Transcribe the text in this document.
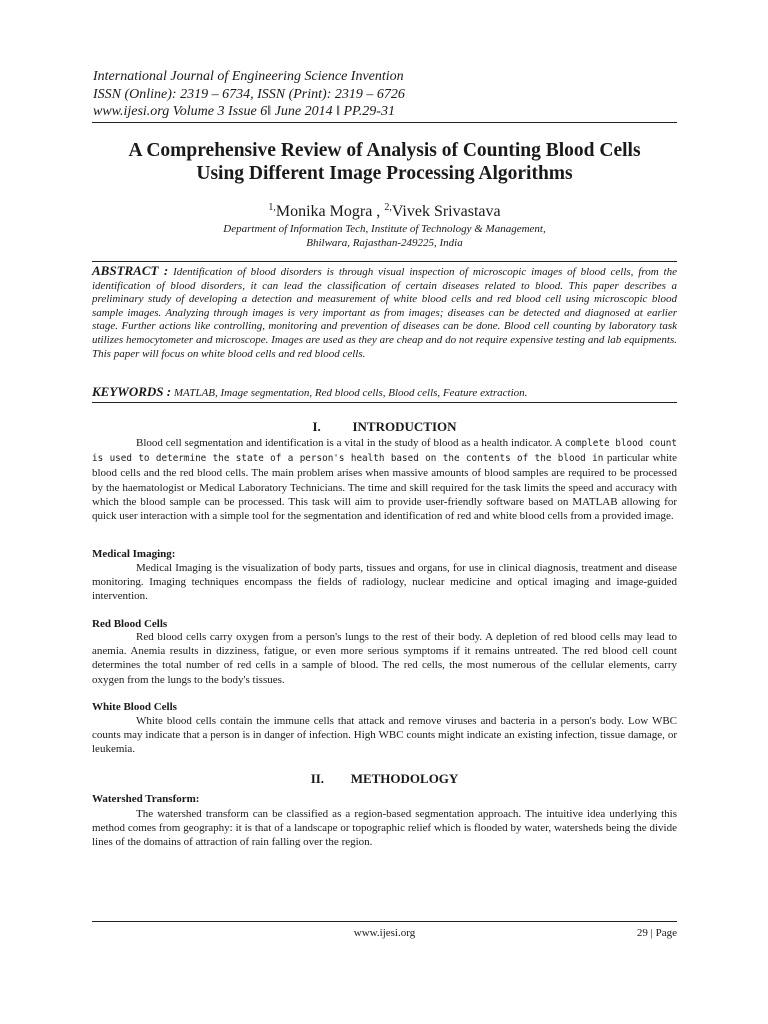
International Journal of Engineering Science Invention
ISSN (Online): 2319 – 6734, ISSN (Print): 2319 – 6726
www.ijesi.org Volume 3 Issue 6ǁ June 2014 ǁ PP.29-31
A Comprehensive Review of Analysis of Counting Blood Cells
Using Different Image Processing Algorithms
$^{1,}$Monika Mogra , $^{2,}$Vivek Srivastava
Department of Information Tech, Institute of Technology & Management,
Bhilwara, Rajasthan-249225, India
ABSTRACT : Identification of blood disorders is through visual inspection of microscopic images of blood cells, from the identification of blood disorders, it can lead the classification of certain diseases related to blood. This paper describes a preliminary study of developing a detection and measurement of white blood cells and red blood cell using microscopic blood sample images. Analyzing through images is very important as from images; diseases can be detected and diagnosed at earlier stage. Further actions like controlling, monitoring and prevention of diseases can be done. Blood cell counting by laboratory task utilizes hemocytometer and microscope. Images are used as they are cheap and do not require expensive testing and lab equipments. This paper will focus on white blood cells and red blood cells.
KEYWORDS : MATLAB, Image segmentation, Red blood cells, Blood cells, Feature extraction.
I. INTRODUCTION
Blood cell segmentation and identification is a vital in the study of blood as a health indicator. A complete blood count is used to determine the state of a person's health based on the contents of the blood in particular white blood cells and the red blood cells. The main problem arises when massive amounts of blood samples are required to be processed by the haematologist or Medical Laboratory Technicians. The time and skill required for the task limits the speed and accuracy with which the blood sample can be processed. This task will aim to provide user-friendly software based on MATLAB allowing for quick user interaction with a simple tool for the segmentation and identification of red and white blood cells from a provided image.
Medical Imaging:
Medical Imaging is the visualization of body parts, tissues and organs, for use in clinical diagnosis, treatment and disease monitoring. Imaging techniques encompass the fields of radiology, nuclear medicine and optical imaging and image-guided intervention.
Red Blood Cells
Red blood cells carry oxygen from a person's lungs to the rest of their body. A depletion of red blood cells may lead to anemia. Anemia results in dizziness, fatigue, or even more serious symptoms if it remains untreated. The red blood cell count determines the total number of red cells in a sample of blood. The red cells, the most numerous of the cellular elements, carry oxygen from the lungs to the body's tissues.
White Blood Cells
White blood cells contain the immune cells that attack and remove viruses and bacteria in a person's body. Low WBC counts may indicate that a person is in danger of infection. High WBC counts might indicate an existing infection, tissue damage, or leukemia.
II. METHODOLOGY
Watershed Transform:
The watershed transform can be classified as a region-based segmentation approach. The intuitive idea underlying this method comes from geography: it is that of a landscape or topographic relief which is flooded by water, watersheds being the divide lines of the domains of attraction of rain falling over the region.
www.ijesi.org	29 | Page
